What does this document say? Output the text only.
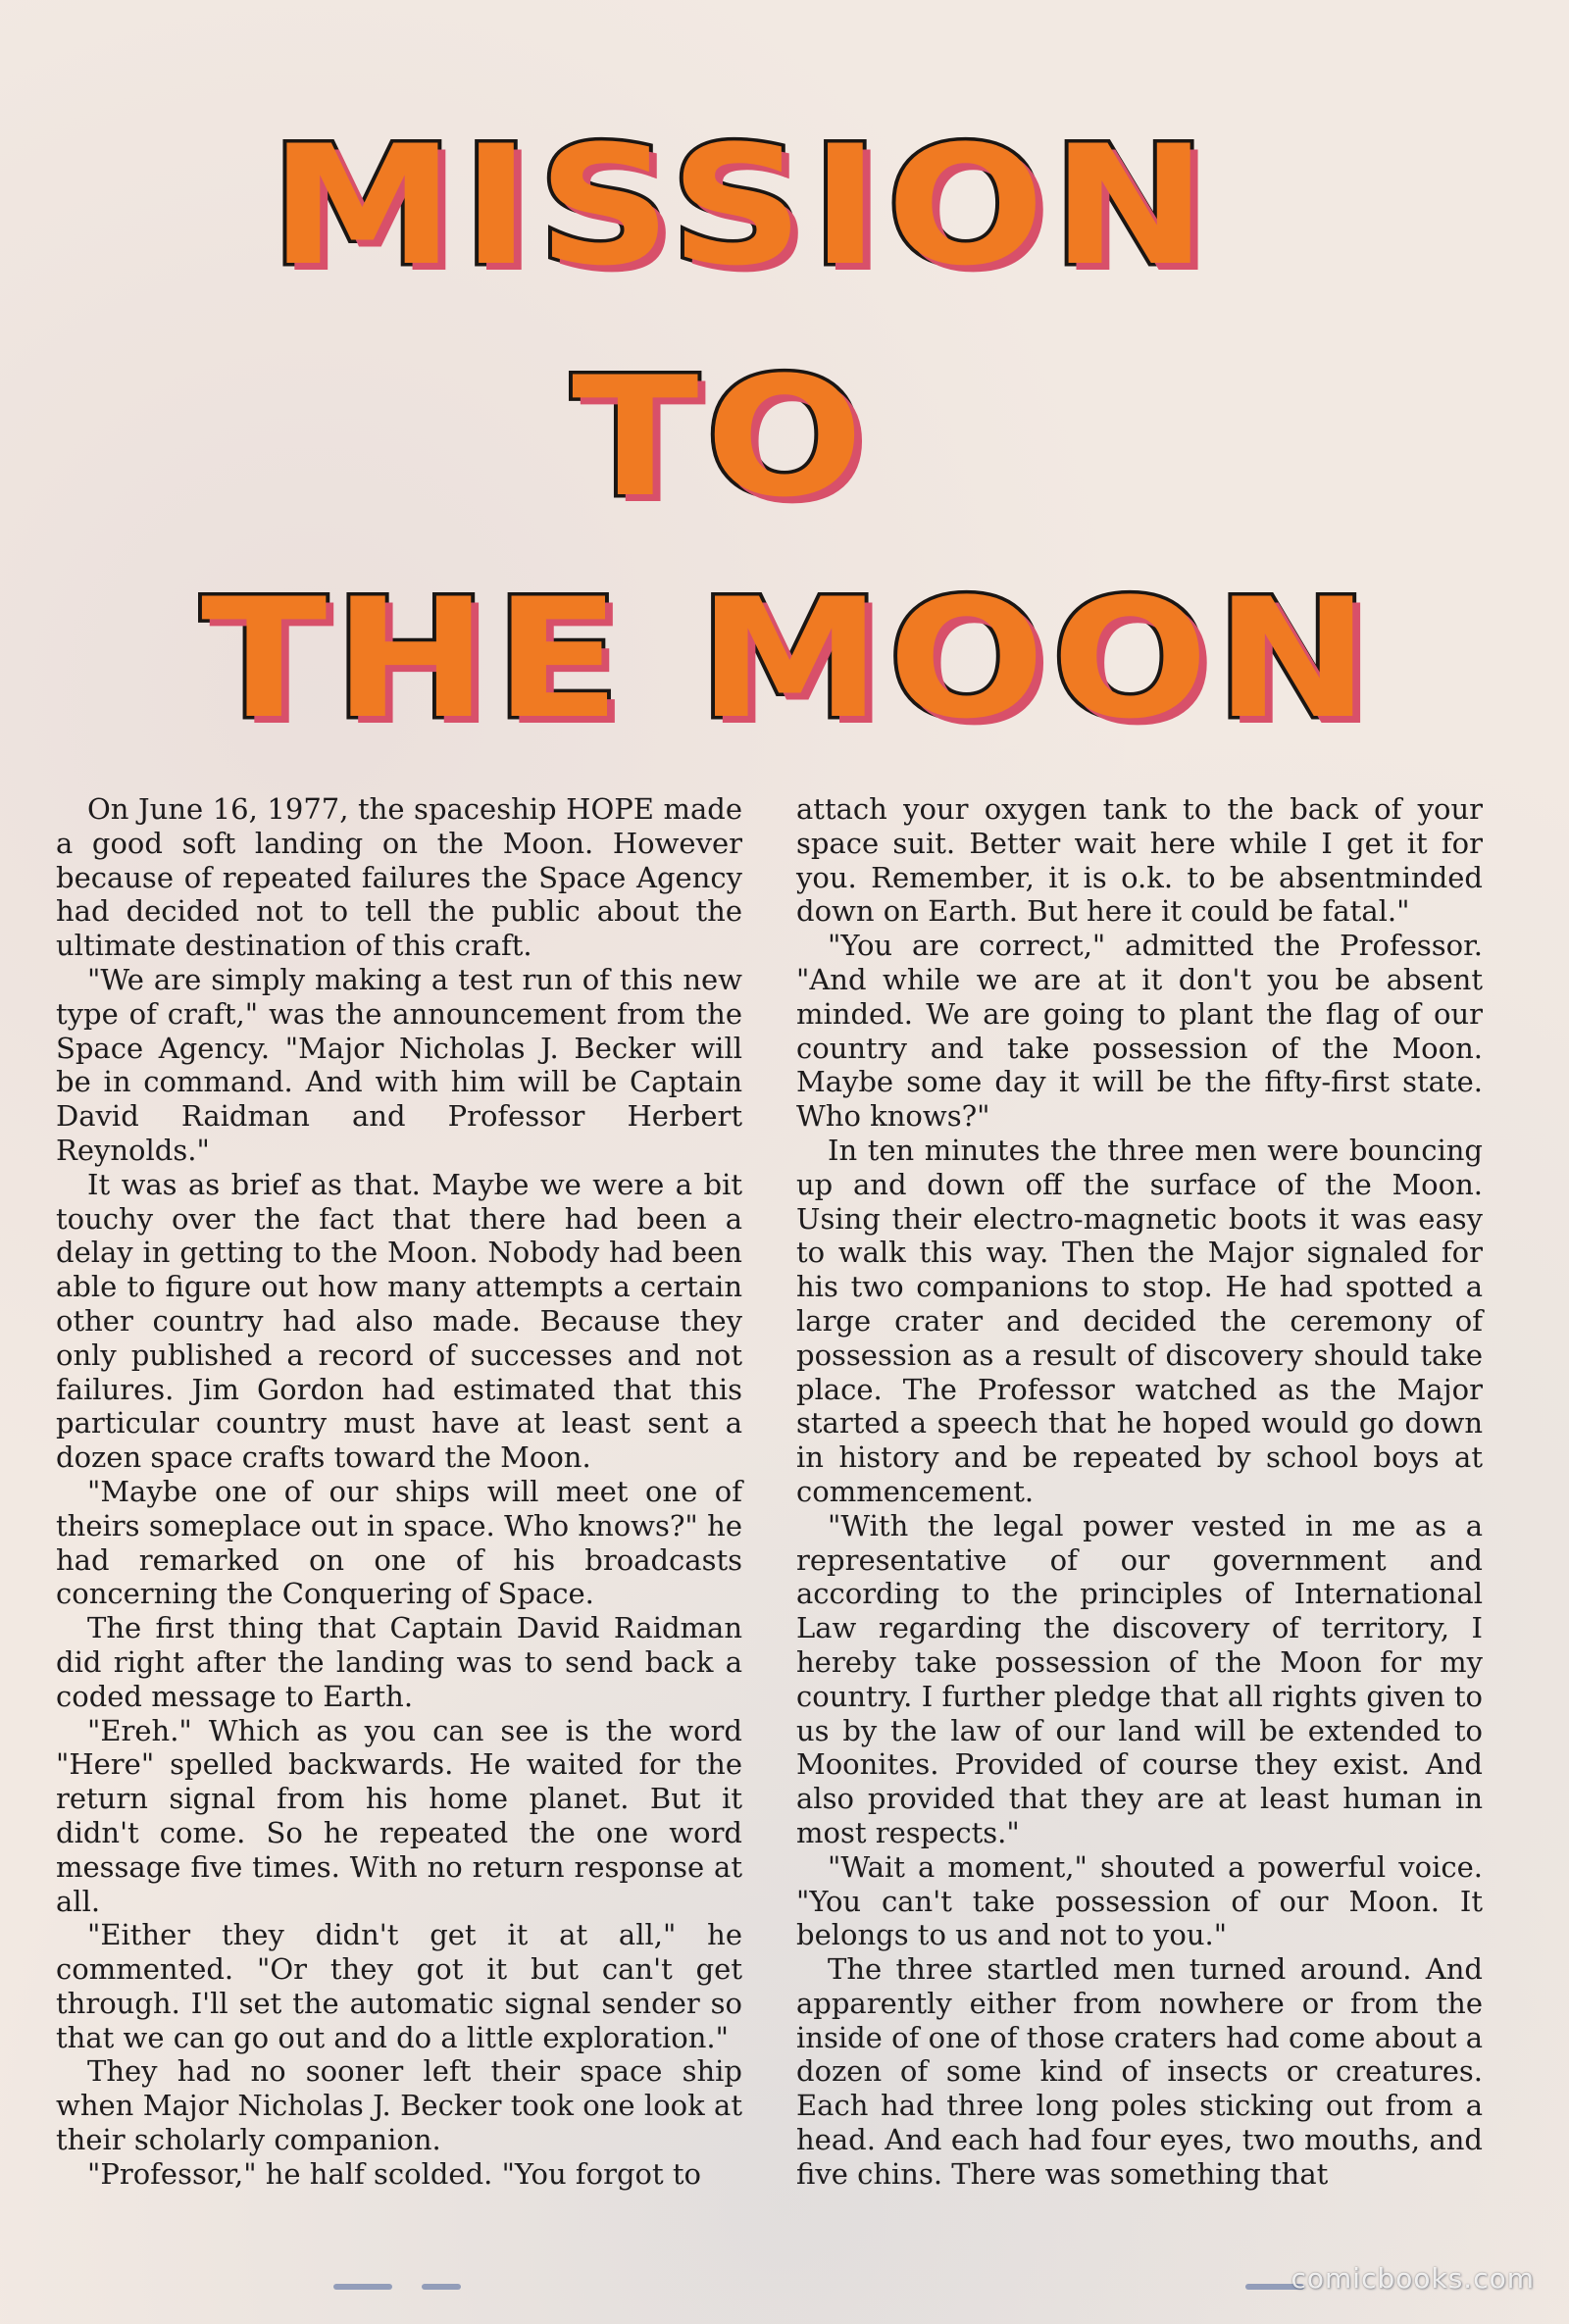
MISSION
TO
THE MOON

On June 16, 1977, the spaceship HOPE made a good soft landing on the Moon. However because of repeated failures the Space Agency had decided not to tell the public about the ultimate destination of this craft.

"We are simply making a test run of this new type of craft," was the announcement from the Space Agency. "Major Nicholas J. Becker will be in command. And with him will be Captain David Raidman and Professor Herbert Reynolds."

It was as brief as that. Maybe we were a bit touchy over the fact that there had been a delay in getting to the Moon. Nobody had been able to figure out how many attempts a certain other country had also made. Because they only published a record of successes and not failures. Jim Gordon had estimated that this particular country must have at least sent a dozen space crafts toward the Moon.

"Maybe one of our ships will meet one of theirs someplace out in space. Who knows?" he had remarked on one of his broadcasts concerning the Conquering of Space.

The first thing that Captain David Raidman did right after the landing was to send back a coded message to Earth.

"Ereh." Which as you can see is the word "Here" spelled backwards. He waited for the return signal from his home planet. But it didn't come. So he repeated the one word message five times. With no return response at all.

"Either they didn't get it at all," he commented. "Or they got it but can't get through. I'll set the automatic signal sender so that we can go out and do a little exploration."

They had no sooner left their space ship when Major Nicholas J. Becker took one look at their scholarly companion.

"Professor," he half scolded. "You forgot to

attach your oxygen tank to the back of your space suit. Better wait here while I get it for you. Remember, it is o.k. to be absentminded down on Earth. But here it could be fatal."

"You are correct," admitted the Professor. "And while we are at it don't you be absent minded. We are going to plant the flag of our country and take possession of the Moon. Maybe some day it will be the fifty-first state. Who knows?"

In ten minutes the three men were bouncing up and down off the surface of the Moon. Using their electro-magnetic boots it was easy to walk this way. Then the Major signaled for his two companions to stop. He had spotted a large crater and decided the ceremony of possession as a result of discovery should take place. The Professor watched as the Major started a speech that he hoped would go down in history and be repeated by school boys at commencement.

"With the legal power vested in me as a representative of our government and according to the principles of International Law regarding the discovery of territory, I hereby take possession of the Moon for my country. I further pledge that all rights given to us by the law of our land will be extended to Moonites. Provided of course they exist. And also provided that they are at least human in most respects."

"Wait a moment," shouted a powerful voice. "You can't take possession of our Moon. It belongs to us and not to you."

The three startled men turned around. And apparently either from nowhere or from the inside of one of those craters had come about a dozen of some kind of insects or creatures. Each had three long poles sticking out from a head. And each had four eyes, two mouths, and five chins. There was something that

comicbooks.com
